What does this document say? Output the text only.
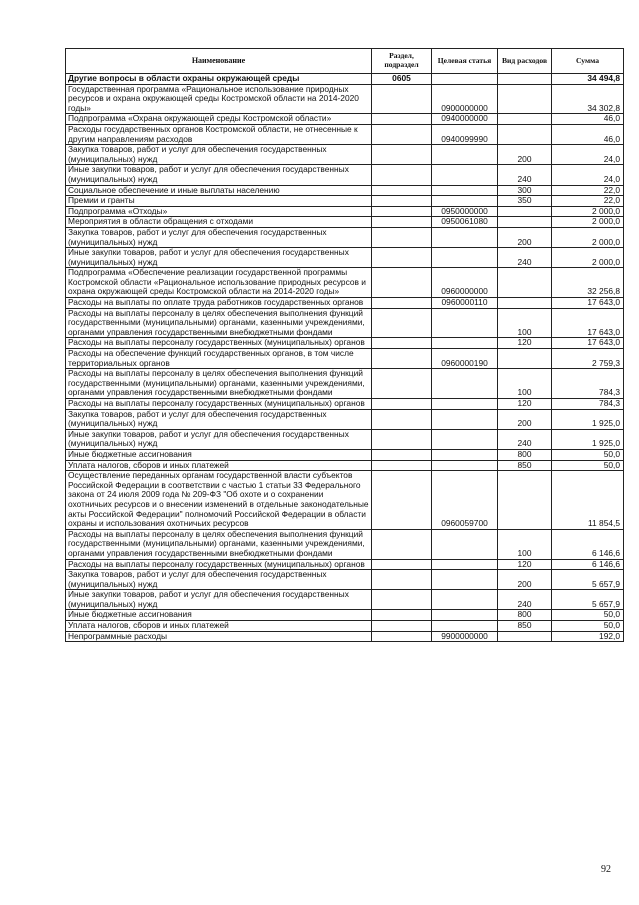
Наименование	Раздел, подраздел	Целевая статья	Вид расходов	Сумма
Другие вопросы в области охраны окружающей среды	0605			34 494,8
Государственная программа «Рациональное использование природных ресурсов и охрана окружающей среды Костромской области на 2014-2020 годы»		0900000000		34 302,8
Подпрограмма «Охрана окружающей среды Костромской области»		0940000000		46,0
Расходы государственных органов Костромской области, не отнесенные к другим направлениям расходов		0940099990		46,0
Закупка товаров, работ и услуг для обеспечения государственных (муниципальных) нужд			200	24,0
Иные закупки товаров, работ и услуг для обеспечения государственных (муниципальных) нужд			240	24,0
Социальное обеспечение и иные выплаты населению			300	22,0
Премии и гранты			350	22,0
Подпрограмма «Отходы»		0950000000		2 000,0
Мероприятия в области обращения с отходами		0950061080		2 000,0
Закупка товаров, работ и услуг для обеспечения государственных (муниципальных) нужд			200	2 000,0
Иные закупки товаров, работ и услуг для обеспечения государственных (муниципальных) нужд			240	2 000,0
Подпрограмма «Обеспечение реализации государственной программы Костромской области «Рациональное использование природных ресурсов и охрана окружающей среды Костромской области на 2014-2020 годы»		0960000000		32 256,8
Расходы на выплаты по оплате труда работников государственных органов		0960000110		17 643,0
Расходы на выплаты персоналу в целях обеспечения выполнения функций государственными (муниципальными) органами, казенными учреждениями, органами управления государственными внебюджетными фондами			100	17 643,0
Расходы на выплаты персоналу государственных (муниципальных) органов			120	17 643,0
Расходы на обеспечение функций государственных органов, в том числе территориальных органов		0960000190		2 759,3
Расходы на выплаты персоналу в целях обеспечения выполнения функций государственными (муниципальными) органами, казенными учреждениями, органами управления государственными внебюджетными фондами			100	784,3
Расходы на выплаты персоналу государственных (муниципальных) органов			120	784,3
Закупка товаров, работ и услуг для обеспечения государственных (муниципальных) нужд			200	1 925,0
Иные закупки товаров, работ и услуг для обеспечения государственных (муниципальных) нужд			240	1 925,0
Иные бюджетные ассигнования			800	50,0
Уплата налогов, сборов и иных платежей			850	50,0
Осуществление переданных органам государственной власти субъектов Российской Федерации в соответствии с частью 1 статьи 33 Федерального закона от 24 июля 2009 года № 209-ФЗ "Об охоте и о сохранении охотничьих ресурсов и о внесении изменений в отдельные законодательные акты Российской Федерации" полномочий Российской Федерации в области охраны и использования охотничьих ресурсов		0960059700		11 854,5
Расходы на выплаты персоналу в целях обеспечения выполнения функций государственными (муниципальными) органами, казенными учреждениями, органами управления государственными внебюджетными фондами			100	6 146,6
Расходы на выплаты персоналу государственных (муниципальных) органов			120	6 146,6
Закупка товаров, работ и услуг для обеспечения государственных (муниципальных) нужд			200	5 657,9
Иные закупки товаров, работ и услуг для обеспечения государственных (муниципальных) нужд			240	5 657,9
Иные бюджетные ассигнования			800	50,0
Уплата налогов, сборов и иных платежей			850	50,0
Непрограммные расходы		9900000000		192,0
92
